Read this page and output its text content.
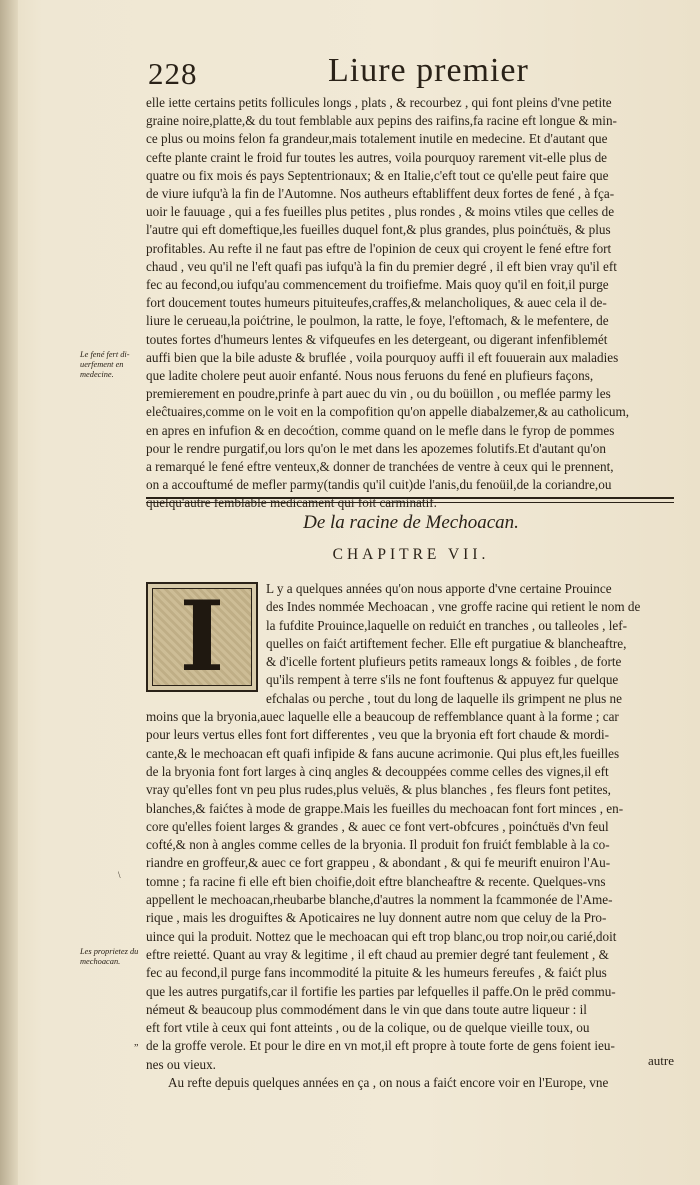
228	Liure premier
Le fené fert di-uerfement en medecine.

elle iette certains petits follicules longs , plats , & recourbez , qui font pleins d'vne petite

graine noire,platte,& du tout femblable aux pepins des raifins,fa racine eft longue & min-

ce plus ou moins felon fa grandeur,mais totalement inutile en medecine. Et d'autant que

cefte plante craint le froid fur toutes les autres, voila pourquoy rarement vit-elle plus de

quatre ou fix mois és pays Septentrionaux; & en Italie,c'eft tout ce qu'elle peut faire que

de viure iufqu'à la fin de l'Automne. Nos autheurs eftabliffent deux fortes de fené , à fça-

uoir le fauuage , qui a fes fueilles plus petites , plus rondes , & moins vtiles que celles de

l'autre qui eft domeftique,les fueilles duquel font,& plus grandes, plus poinćtuës, & plus

profitables. Au refte il ne faut pas eftre de l'opinion de ceux qui croyent le fené eftre fort

chaud , veu qu'il ne l'eft quafi pas iufqu'à la fin du premier degré , il eft bien vray qu'il eft

fec au fecond,ou iufqu'au commencement du troifiefme. Mais quoy qu'il en foit,il purge

fort doucement toutes humeurs pituiteufes,craffes,& melancholiques, & auec cela il de-

liure le cerueau,la poićtrine, le poulmon, la ratte, le foye, l'eftomach, & le mefentere, de

toutes fortes d'humeurs lentes & vifqueufes en les detergeant, ou digerant infenfiblemét

auffi bien que la bile aduste & bruflée , voila pourquoy auffi il eft fouuerain aux maladies

que ladite cholere peut auoir enfanté. Nous nous feruons du fené en plufieurs façons,

premierement en poudre,prinfe à part auec du vin , ou du boüillon , ou meflée parmy les

eleĉtuaires,comme on le voit en la compofition qu'on appelle diabalzemer,& au catholicum,

en apres en infufion & en decoćtion, comme quand on le mefle dans le fyrop de pommes

pour le rendre purgatif,ou lors qu'on le met dans les apozemes folutifs.Et d'autant qu'on

a remarqué le fené eftre venteux,& donner de tranchées de ventre à ceux qui le prennent,

on a accouftumé de mefler parmy(tandis qu'il cuit)de l'anis,du fenoüil,de la coriandre,ou

quelqu'autre femblable medicament qui foit carminatif.

De la racine de Mechoacan.
CHAPITRE VII.
I	L y a quelques années qu'on nous apporte d'vne certaine Prouince
des Indes nommée Mechoacan , vne groffe racine qui retient le nom de
la fufdite Prouince,laquelle on reduićt en tranches , ou talleoles , lef-
quelles on faićt artiftement fecher. Elle eft purgatiue & blancheaftre,
& d'icelle fortent plufieurs petits rameaux longs & foibles , de forte
qu'ils rempent à terre s'ils ne font fouftenus & appuyez fur quelque
efchalas ou perche , tout du long de laquelle ils grimpent ne plus ne
moins que la bryonia,auec laquelle elle a beaucoup de reffemblance quant à la forme ; car
pour leurs vertus elles font fort differentes , veu que la bryonia eft fort chaude & mordi-
cante,& le mechoacan eft quafi infipide & fans aucune acrimonie. Qui plus eft,les fueilles
de la bryonia font fort larges à cinq angles & decouppées comme celles des vignes,il eft
vray qu'elles font vn peu plus rudes,plus veluës, & plus blanches , fes fleurs font petites,
blanches,& faićtes à mode de grappe.Mais les fueilles du mechoacan font fort minces , en-
core qu'elles foient larges & grandes , & auec ce font vert-obfcures , poinćtuës d'vn feul
cofté,& non à angles comme celles de la bryonia. Il produit fon fruićt femblable à la co-
riandre en groffeur,& auec ce fort grappeu , & abondant , & qui fe meurift enuiron l'Au-
tomne ; fa racine fi elle eft bien choifie,doit eftre blancheaftre & recente. Quelques-vns
appellent le mechoacan,rheubarbe blanche,d'autres la nomment la fcammonée de l'Ame-
rique , mais les droguiftes & Apoticaires ne luy donnent autre nom que celuy de la Pro-
uince qui la produit. Nottez que le mechoacan qui eft trop blanc,ou trop noir,ou carié,doit
eftre reietté. Quant au vray & legitime , il eft chaud au premier degré tant feulement , &
fec au fecond,il purge fans incommodité la pituite & les humeurs fereufes , & faićt plus
que les autres purgatifs,car il fortifie les parties par lefquelles il paffe.On le prēd commu-
némeut & beaucoup plus commodément dans le vin que dans toute autre liqueur : il
eft fort vtile à ceux qui font atteints , ou de la colique, ou de quelque vieille toux, ou
de la groffe verole. Et pour le dire en vn mot,il eft propre à toute forte de gens foient ieu-
nes ou vieux.
Au refte depuis quelques années en ça , on nous a faićt encore voir en l'Europe, vne
Les proprietez du mechoacan.
\
„
autre
